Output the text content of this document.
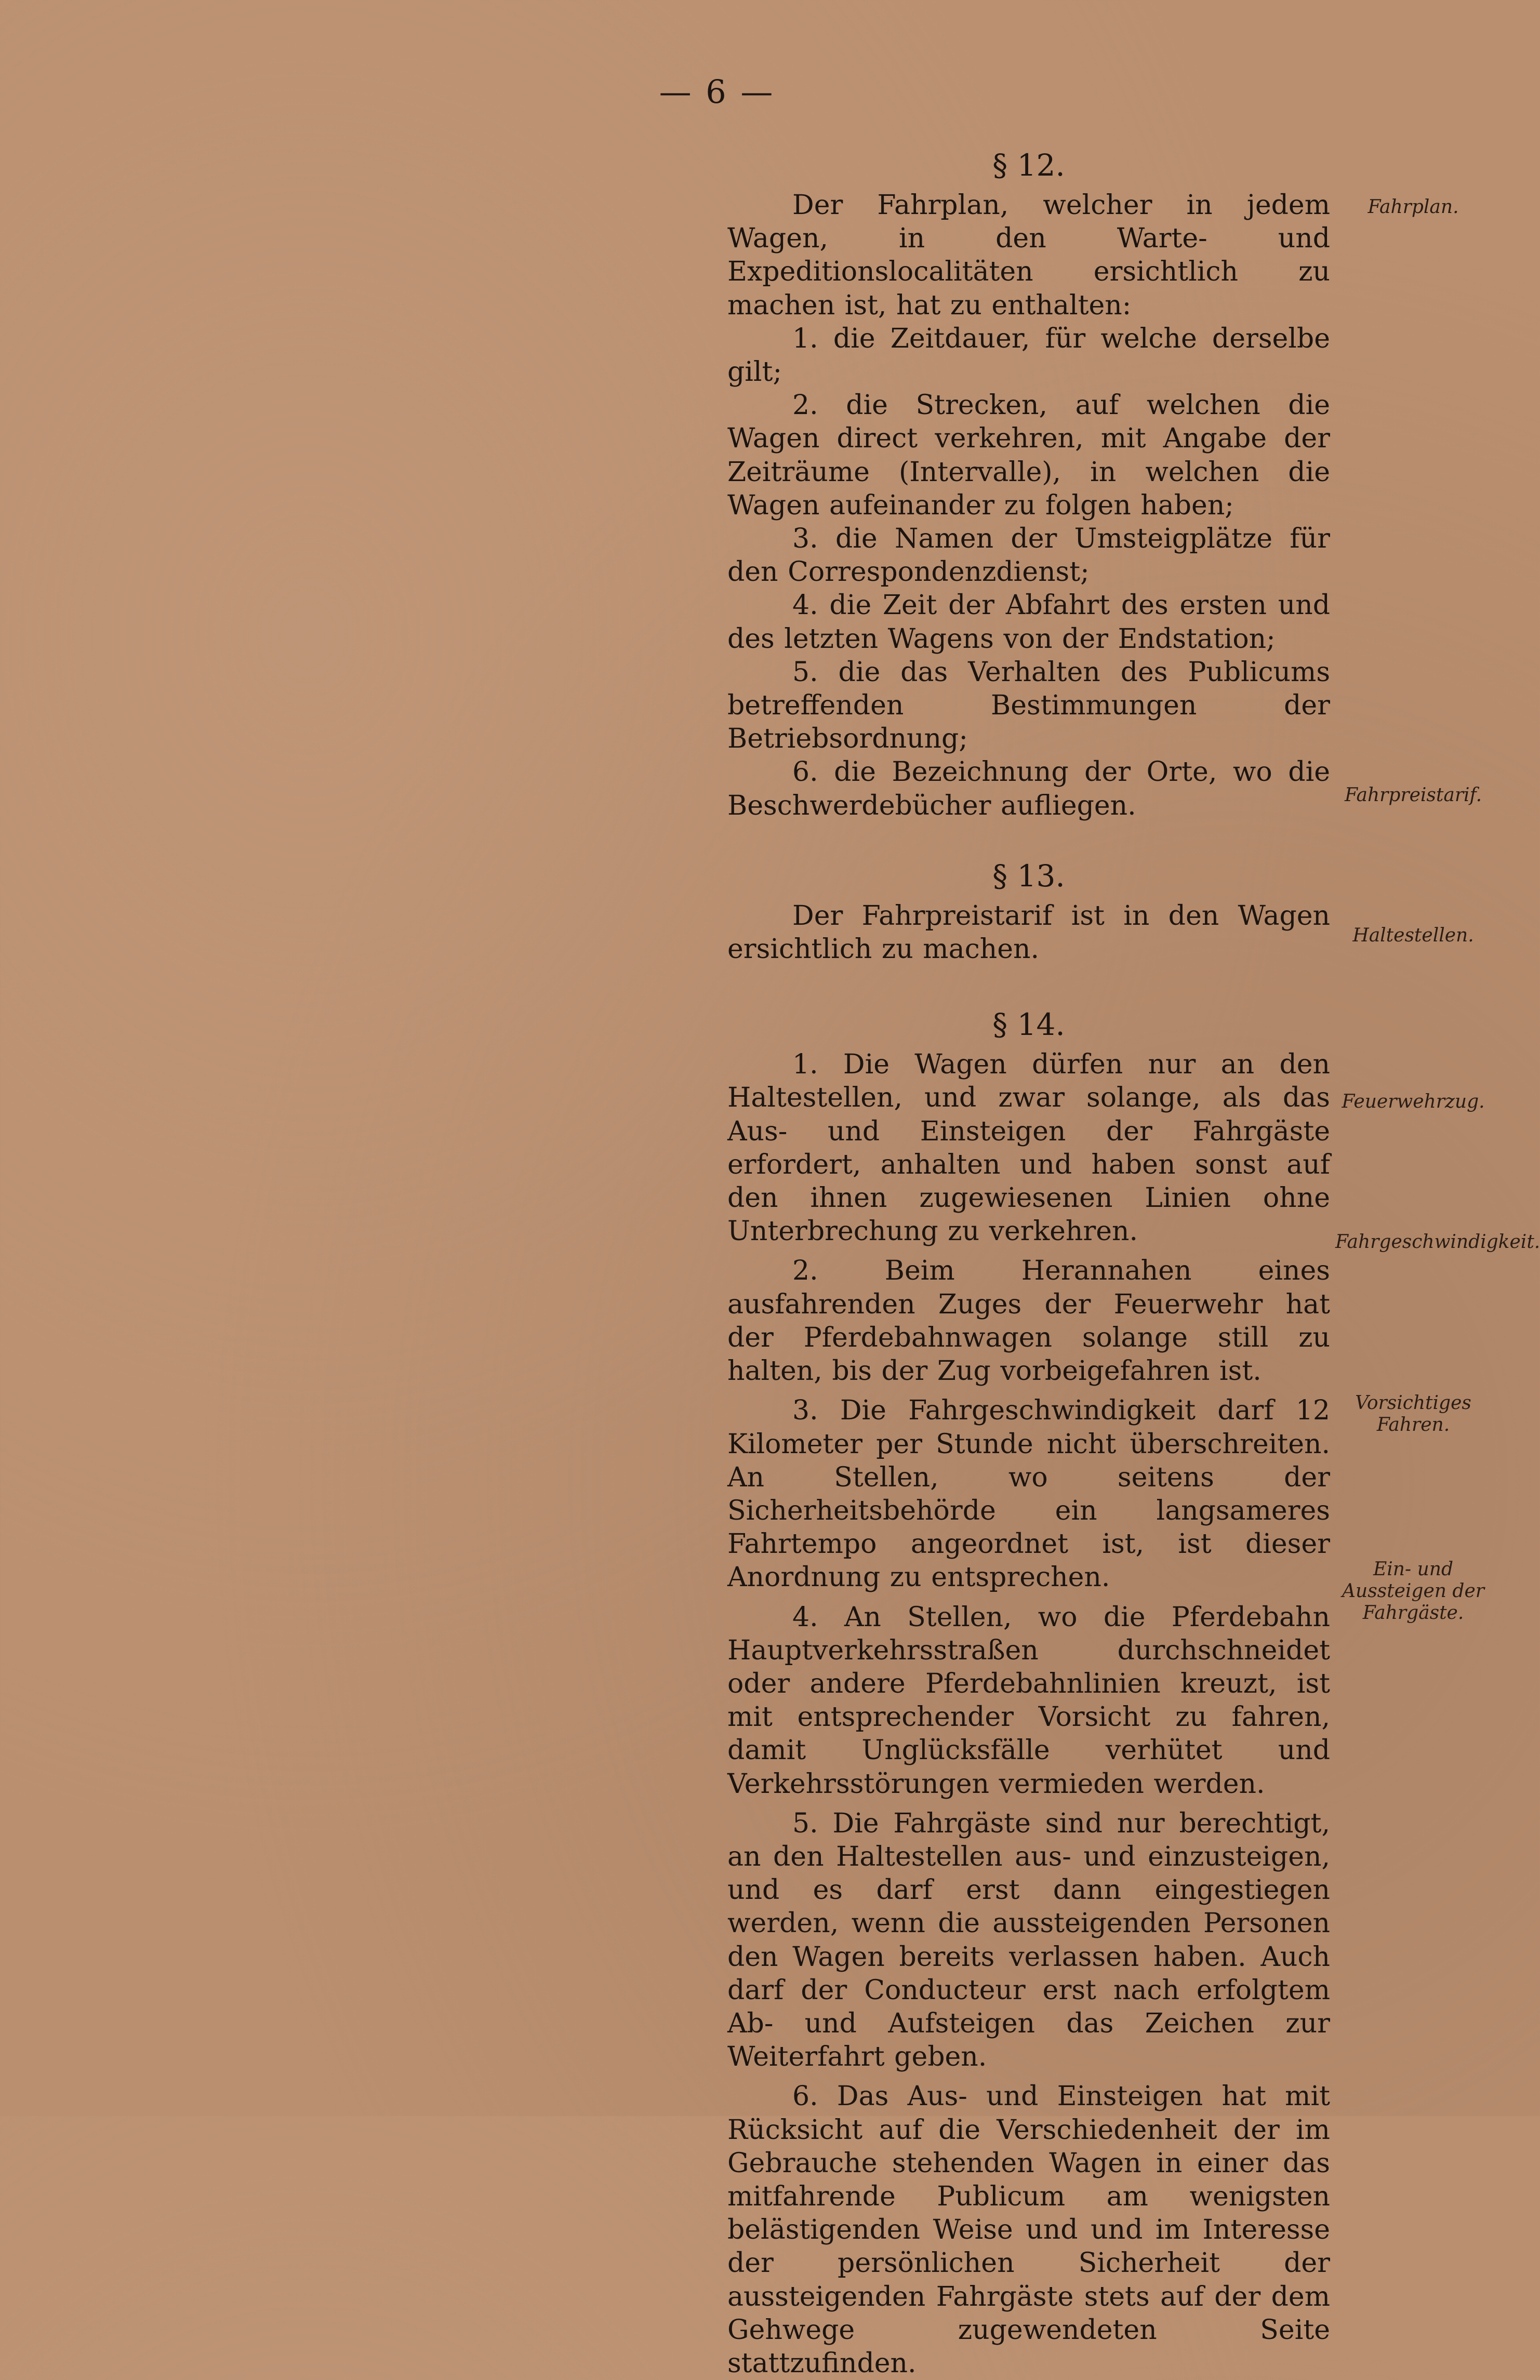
— 6 —
§ 12.

Der Fahrplan, welcher in jedem Wagen, in den Warte- und Expeditionslocalitäten ersichtlich zu machen ist, hat zu enthalten:

1. die Zeitdauer, für welche derselbe gilt;

2. die Strecken, auf welchen die Wagen direct verkehren, mit Angabe der Zeiträume (Intervalle), in welchen die Wagen aufeinander zu folgen haben;

3. die Namen der Umsteigplätze für den Correspondenzdienst;

4. die Zeit der Abfahrt des ersten und des letzten Wagens von der Endstation;

5. die das Verhalten des Publicums betreffenden Bestimmungen der Betriebsordnung;

6. die Bezeichnung der Orte, wo die Beschwerdebücher aufliegen.

§ 13.

Der Fahrpreistarif ist in den Wagen ersichtlich zu machen.

§ 14.

1. Die Wagen dürfen nur an den Haltestellen, und zwar solange, als das Aus- und Einsteigen der Fahrgäste erfordert, anhalten und haben sonst auf den ihnen zugewiesenen Linien ohne Unterbrechung zu verkehren.

2. Beim Herannahen eines ausfahrenden Zuges der Feuerwehr hat der Pferdebahnwagen solange still zu halten, bis der Zug vorbeigefahren ist.

3. Die Fahrgeschwindigkeit darf 12 Kilometer per Stunde nicht überschreiten. An Stellen, wo seitens der Sicherheitsbehörde ein langsameres Fahrtempo angeordnet ist, ist dieser Anordnung zu entsprechen.

4. An Stellen, wo die Pferdebahn Hauptverkehrsstraßen durchschneidet oder andere Pferdebahnlinien kreuzt, ist mit entsprechender Vorsicht zu fahren, damit Unglücksfälle verhütet und Verkehrsstörungen vermieden werden.

5. Die Fahrgäste sind nur berechtigt, an den Haltestellen aus- und einzusteigen, und es darf erst dann eingestiegen werden, wenn die aussteigenden Personen den Wagen bereits verlassen haben. Auch darf der Conducteur erst nach erfolgtem Ab- und Aufsteigen das Zeichen zur Weiterfahrt geben.

6. Das Aus- und Einsteigen hat mit Rücksicht auf die Verschiedenheit der im Gebrauche stehenden Wagen in einer das mitfahrende Publicum am wenigsten belästigenden Weise und und im Interesse der persönlichen Sicherheit der aussteigenden Fahrgäste stets auf der dem Gehwege zugewendeten Seite stattzufinden.

Fahrplan.
Fahrpreistarif.
Haltestellen.
Feuerwehrzug.
Fahrgeschwindigkeit.
Vorsichtiges Fahren.
Ein- und Aussteigen der Fahrgäste.
